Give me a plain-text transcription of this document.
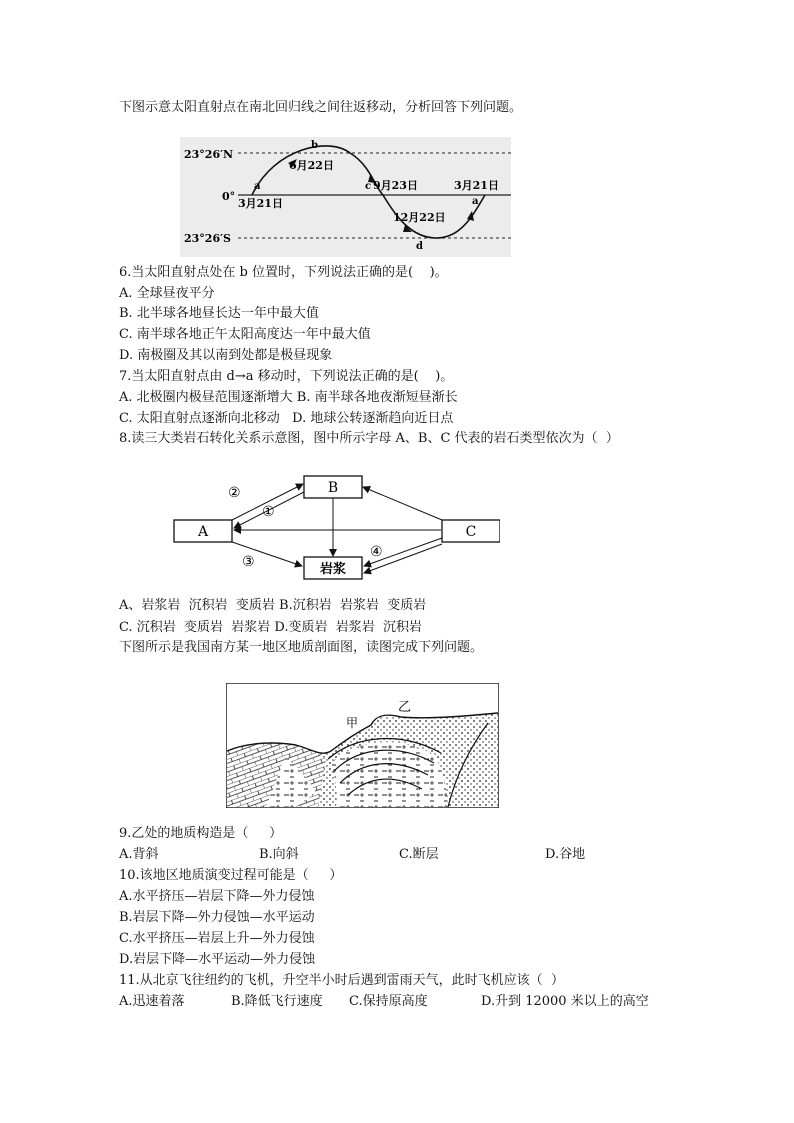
下图示意太阳直射点在南北回归线之间往返移动，分析回答下列问题。
23°26′N
0°
23°26′S
a
3月21日
b
6月22日
c 9月23日
12月22日
d
3月21日
a
6.当太阳直射点处在 b 位置时，下列说法正确的是(    )。
A. 全球昼夜平分
B. 北半球各地昼长达一年中最大值
C. 南半球各地正午太阳高度达一年中最大值
D. 南极圈及其以南到处都是极昼现象
7.当太阳直射点由 d→a 移动时，下列说法正确的是(    )。
A. 北极圈内极昼范围逐渐增大 B. 南半球各地夜渐短昼渐长
C. 太阳直射点逐渐向北移动   D. 地球公转逐渐趋向近日点
8.读三大类岩石转化关系示意图，图中所示字母 A、B、C 代表的岩石类型依次为（  ）
B
A	C
岩浆
②
①
③
④
A、岩浆岩  沉积岩  变质岩 B.沉积岩  岩浆岩  变质岩
C. 沉积岩  变质岩  岩浆岩 D.变质岩  岩浆岩  沉积岩
下图所示是我国南方某一地区地质剖面图，读图完成下列问题。
甲
乙
9.乙处的地质构造是（     ）
A.背斜	B.向斜	C.断层	D.谷地
10.该地区地质演变过程可能是（     ）
A.水平挤压—岩层下降—外力侵蚀
B.岩层下降—外力侵蚀—水平运动
C.水平挤压—岩层上升—外力侵蚀
D.岩层下降—水平运动—外力侵蚀
11.从北京飞往纽约的飞机，升空半小时后遇到雷雨天气，此时飞机应该（  ）
A.迅速着落	B.降低飞行速度 C.保持原高度	D.升到 12000 米以上的高空
